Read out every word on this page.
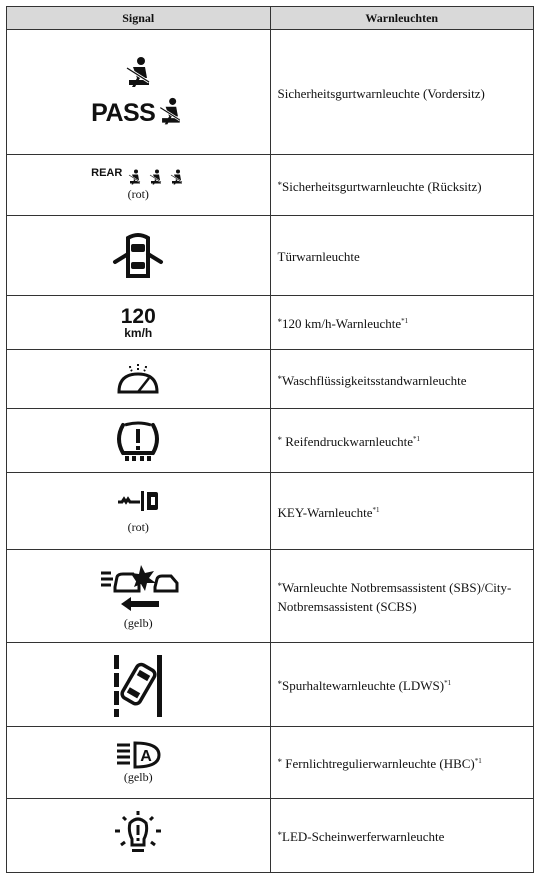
Signal	Warnleuchten

PASS	Sicherheitsgurtwarnleuchte (Vordersitz)

REAR
(rot)	*Sicherheitsgurtwarnleuchte (Rücksitz)

	Türwarnleuchte

120
km/h	*120 km/h-Warnleuchte$^{*1}$

	*Waschflüssigkeitsstandwarnleuchte

	* Reifendruckwarnleuchte$^{*1}$

(rot)	KEY-Warnleuchte$^{*1}$

(gelb)	*Warnleuchte Notbremsassistent (SBS)/City-Notbremsassistent (SCBS)

	*Spurhaltewarnleuchte (LDWS)$^{*1}$

A
(gelb)	* Fernlichtregulierwarnleuchte (HBC)$^{*1}$

	*LED-Scheinwerferwarnleuchte
